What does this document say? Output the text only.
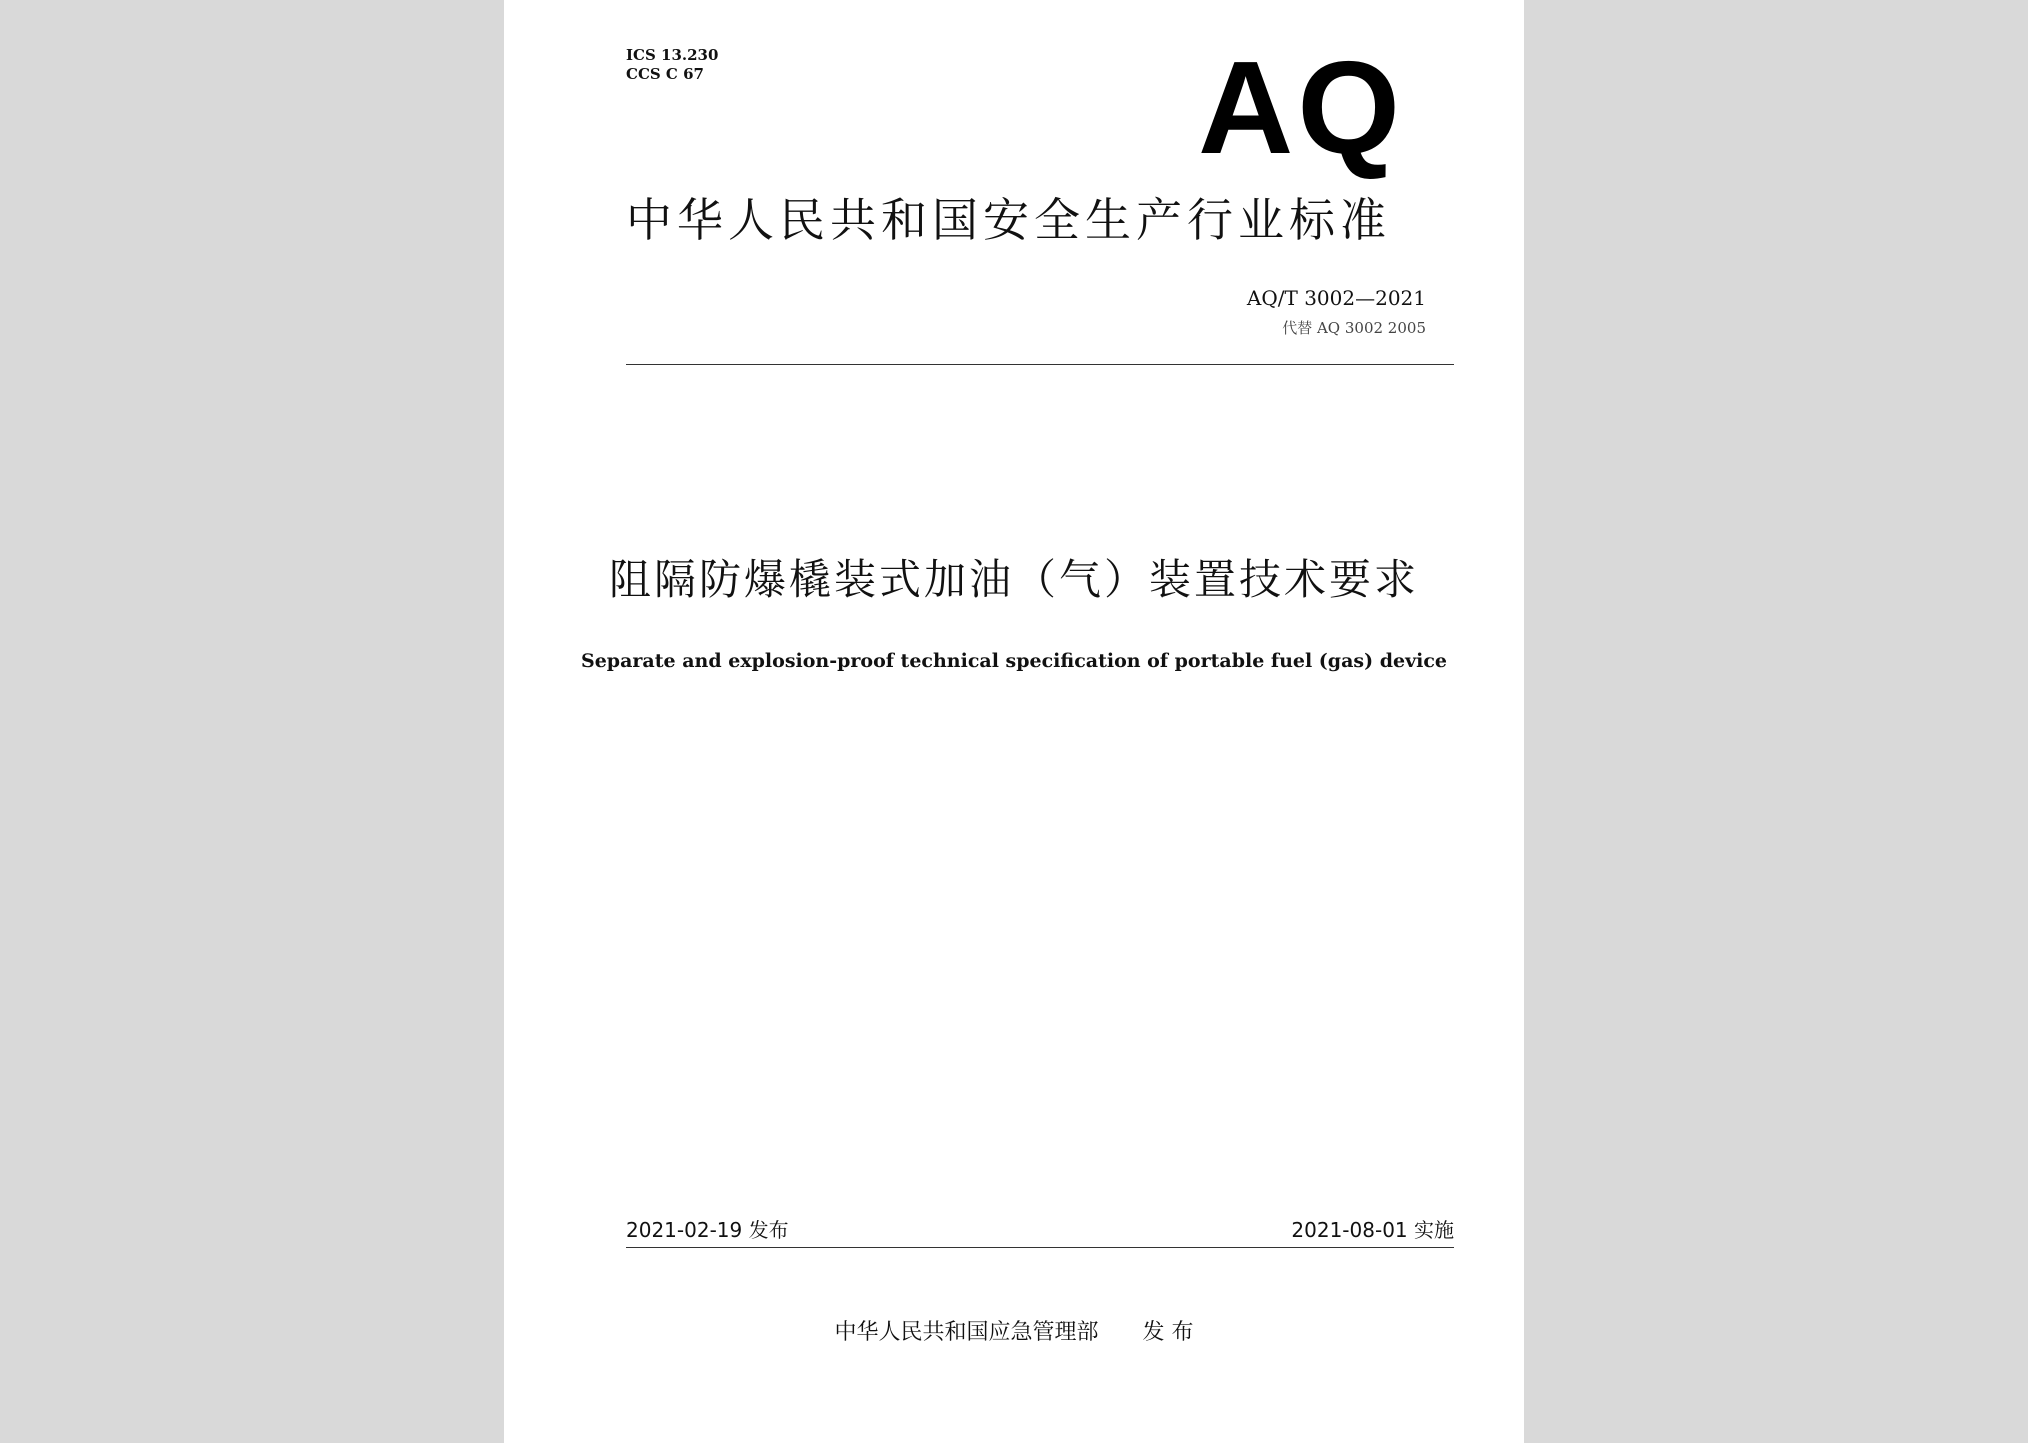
ICS 13.230
CCS C 67	AQ
中华人民共和国安全生产行业标准
AQ/T 3002—2021
代替 AQ 3002 2005
阻隔防爆橇装式加油（气）装置技术要求
Separate and explosion-proof technical specification of portable fuel (gas) device
2021-02-19 发布	2021-08-01 实施
中华人民共和国应急管理部 发 布
